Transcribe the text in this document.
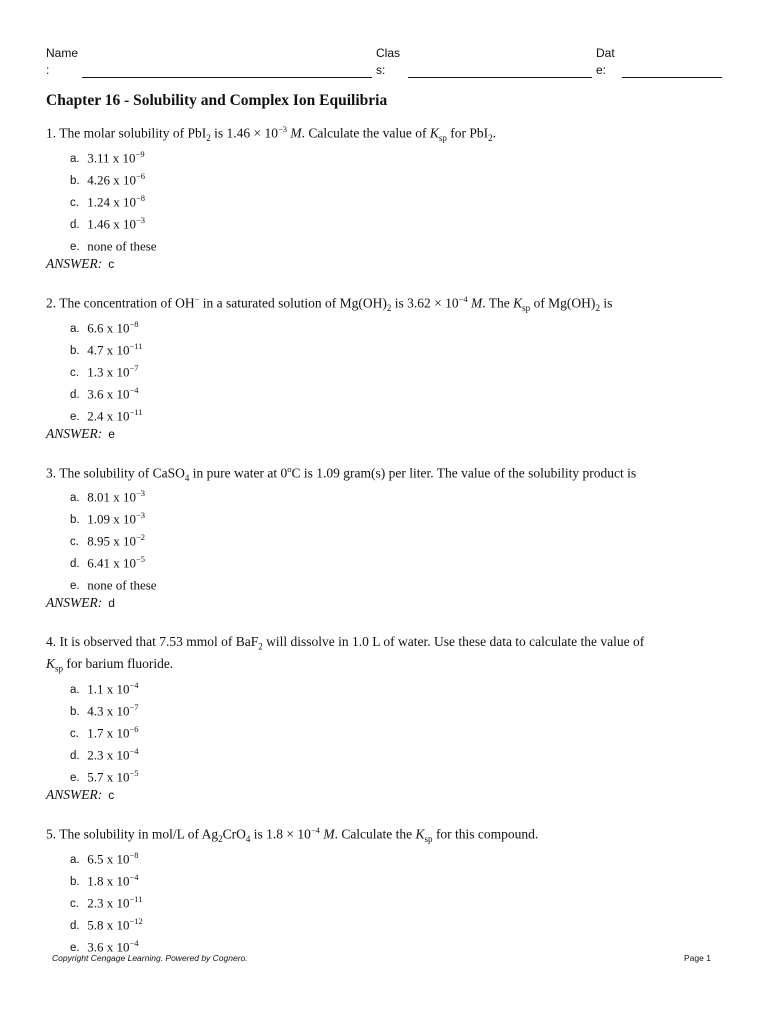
Name
:
Clas
s:
Dat
e:
Chapter 16 - Solubility and Complex Ion Equilibria
1. The molar solubility of PbI$_2$ is $1.46 \times 10^{-3}$ M. Calculate the value of $K_{sp}$ for PbI$_2$.
a. 3.11 x $10^{-9}$
b. 4.26 x $10^{-6}$
c. 1.24 x $10^{-8}$
d. 1.46 x $10^{-3}$
e. none of these
ANSWER: c
2. The concentration of OH− in a saturated solution of $Mg(OH)_2$ is $3.62 \times 10^{-4}$ M. The $K_{sp}$ of $Mg(OH)_2$ is
a. 6.6 x $10^{-8}$
b. 4.7 x $10^{-11}$
c. 1.3 x $10^{-7}$
d. 3.6 x $10^{-4}$
e. 2.4 x $10^{-11}$
ANSWER: e
3. The solubility of CaSO$_4$ in pure water at 0$^o$C is 1.09 gram(s) per liter. The value of the solubility product is
a. 8.01 x $10^{-3}$
b. 1.09 x $10^{-3}$
c. 8.95 x $10^{-2}$
d. 6.41 x $10^{-5}$
e. none of these
ANSWER: d
4. It is observed that 7.53 mmol of BaF$_2$ will dissolve in 1.0 L of water. Use these data to calculate the value of
$K_{sp}$ for barium fluoride.
a. 1.1 x $10^{-4}$
b. 4.3 x $10^{-7}$
c. 1.7 x $10^{-6}$
d. 2.3 x $10^{-4}$
e. 5.7 x $10^{-5}$
ANSWER: c
5. The solubility in mol/L of $Ag_2CrO_4$ is $1.8 \times 10^{-4}$ M. Calculate the $K_{sp}$ for this compound.
a. 6.5 x $10^{-8}$
b. 1.8 x $10^{-4}$
c. 2.3 x $10^{-11}$
d. 5.8 x $10^{-12}$
e. 3.6 x $10^{-4}$
Copyright Cengage Learning. Powered by Cognero.	Page 1
